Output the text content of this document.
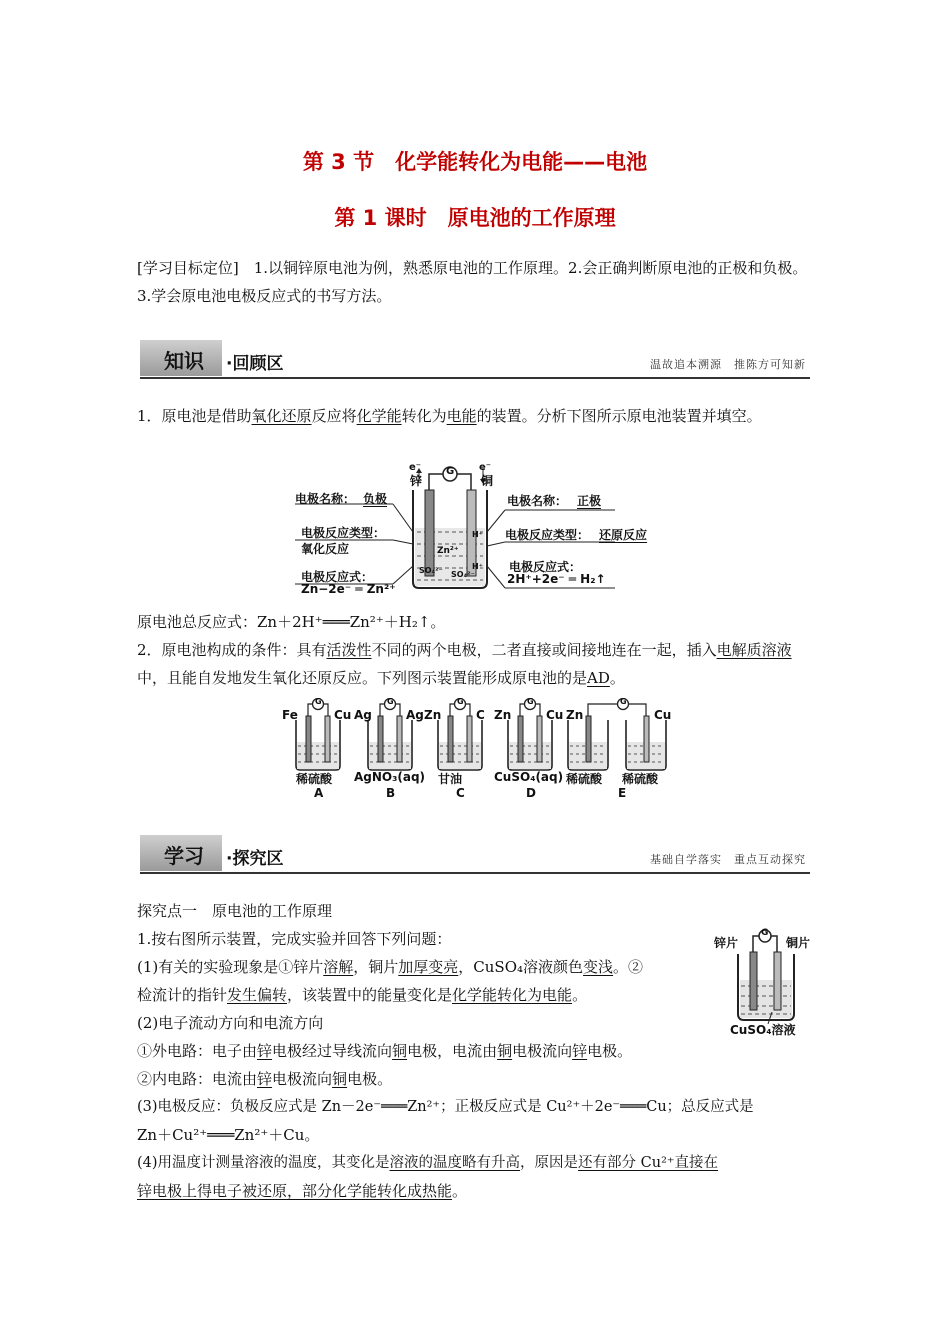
第 3 节　化学能转化为电能——电池
第 1 课时　原电池的工作原理
[学习目标定位]　 1.以铜锌原电池为例，熟悉原电池的工作原理。2.会正确判断原电池的正极和负极。3.学会原电池电极反应式的书写方法。
知识 ·回顾区	温故追本溯源　推陈方可知新
1．原电池是借助氧化还原反应将化学能转化为电能的装置。分析下图所示原电池装置并填空。
e⁻
锌
G e⁻
铜
Zn²⁺
SO₄²⁻ SO₄²⁻
H⁺
H⁺
电极名称： 负极
电极反应类型：
氧化反应
电极反应式：
Zn−2e⁻ ═ Zn²⁺
电极名称： 正极
电极反应类型： 还原反应
电极反应式：
2H⁺+2e⁻ ═ H₂↑
原电池总反应式：Zn＋2H⁺═══Zn²⁺＋H₂↑。
2．原电池构成的条件：具有活泼性不同的两个电极，二者直接或间接地连在一起，插入电解质溶液中，且能自发地发生氧化还原反应。下列图示装置能形成原电池的是AD。
G
Fe	Cu
稀硫酸
A
G
Ag	Ag
AgNO₃(aq)
B
G
Zn	C
甘油
C
G
Zn	Cu
CuSO₄(aq)
D
G
Zn	Cu
稀硫酸 稀硫酸
E
学习 ·探究区	基础自学落实　重点互动探究
探究点一　原电池的工作原理
1.按右图所示装置，完成实验并回答下列问题：
(1)有关的实验现象是①锌片溶解，铜片加厚变亮，CuSO₄溶液颜色变浅。②
检流计的指针发生偏转，该装置中的能量变化是化学能转化为电能。
(2)电子流动方向和电流方向
①外电路：电子由锌电极经过导线流向铜电极，电流由铜电极流向锌电极。
②内电路：电流由锌电极流向铜电极。
(3)电极反应：负极反应式是 Zn－2e⁻═══Zn²⁺；正极反应式是 Cu²⁺＋2e⁻═══Cu；总反应式是
Zn＋Cu²⁺═══Zn²⁺＋Cu。
(4)用温度计测量溶液的温度，其变化是溶液的温度略有升高，原因是还有部分 Cu²⁺直接在
锌电极上得电子被还原，部分化学能转化成热能。
锌片
G
铜片
CuSO₄溶液
